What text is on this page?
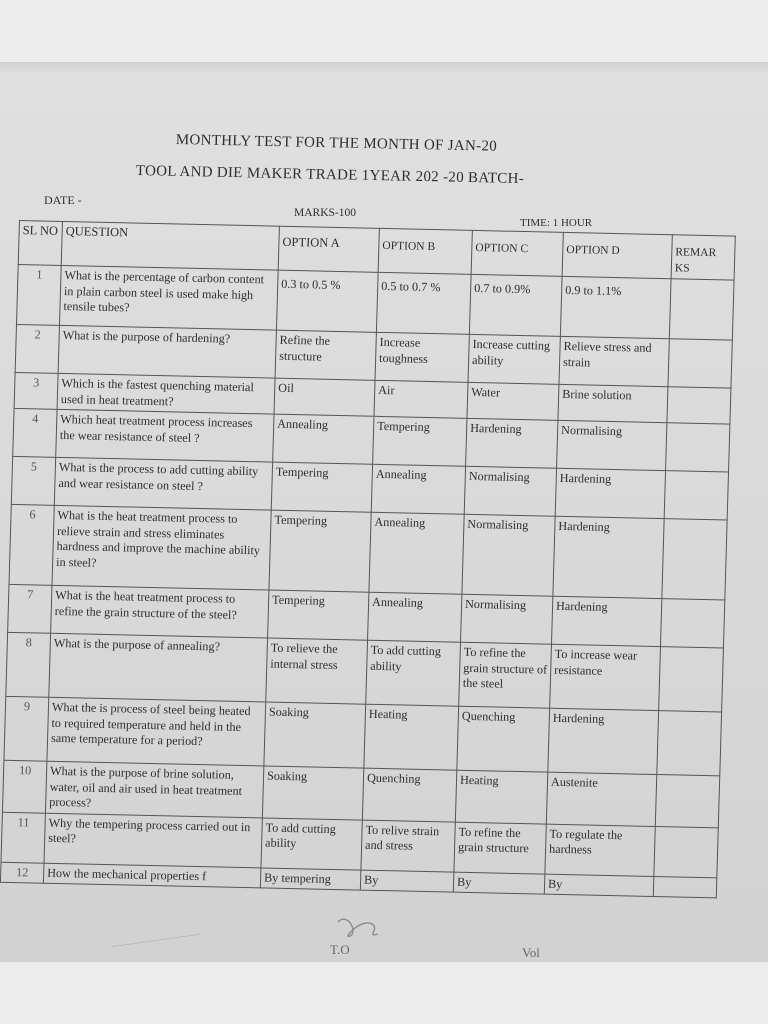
MONTHLY TEST FOR THE MONTH OF JAN-20
TOOL AND DIE MAKER TRADE 1YEAR 202 -20 BATCH-
DATE -
MARKS-100
TIME: 1 HOUR
SL NO	QUESTION	OPTION A	OPTION B	OPTION C	OPTION D	REMAR KS
1	What is the percentage of carbon content in plain carbon steel is used make high tensile tubes?	0.3 to 0.5 %	0.5 to 0.7 %	0.7 to 0.9%	0.9 to 1.1%	
2	What is the purpose of hardening?	Refine the structure	Increase toughness	Increase cutting ability	Relieve stress and strain	
3	Which is the fastest quenching material used in heat treatment?	Oil	Air	Water	Brine solution	
4	Which heat treatment process increases the wear resistance of steel ?	Annealing	Tempering	Hardening	Normalising	
5	What is the process to add cutting ability and wear resistance on steel ?	Tempering	Annealing	Normalising	Hardening	
6	What is the heat treatment process to relieve strain and stress eliminates hardness and improve the machine ability in steel?	Tempering	Annealing	Normalising	Hardening	
7	What is the heat treatment process to refine the grain structure of the steel?	Tempering	Annealing	Normalising	Hardening	
8	What is the purpose of annealing?	To relieve the internal stress	To add cutting ability	To refine the grain structure of the steel	To increase wear resistance	
9	What the is process of steel being heated to required temperature and held in the same temperature for a period?	Soaking	Heating	Quenching	Hardening	
10	What is the purpose of brine solution, water, oil and air used in heat treatment process?	Soaking	Quenching	Heating	Austenite	
11	Why the tempering process carried out in steel?	To add cutting ability	To relive strain and stress	To refine the grain structure	To regulate the hardness	
12	How the mechanical properties f	By tempering	By	By	By	
T.O	Vol
